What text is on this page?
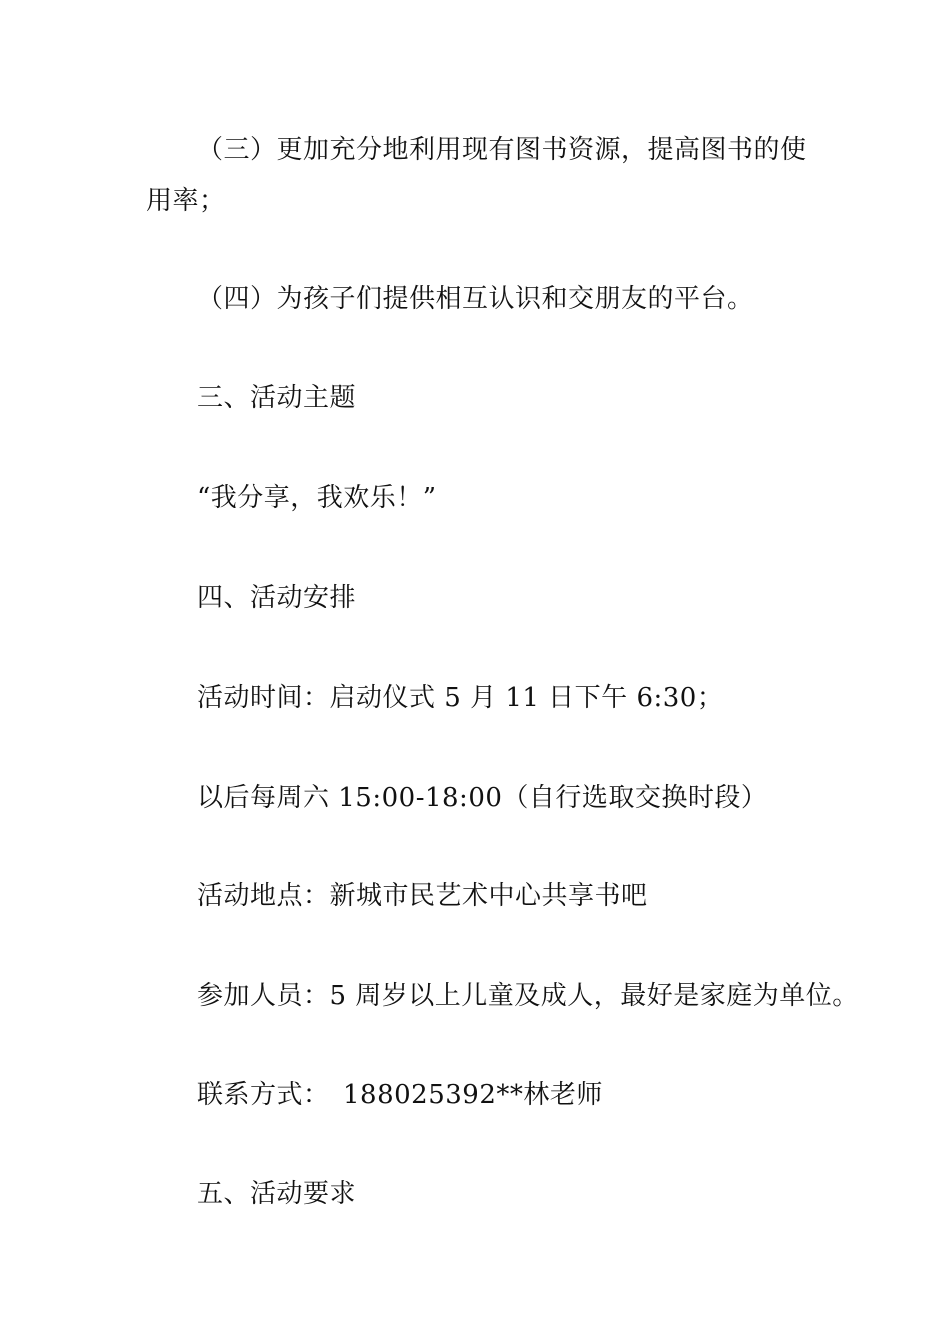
（三）更加充分地利用现有图书资源，提高图书的使
用率；
（四）为孩子们提供相互认识和交朋友的平台。
三、活动主题
“我分享，我欢乐！”
四、活动安排
活动时间：启动仪式 5 月 11 日下午 6:30；
以后每周六 15:00-18:00（自行选取交换时段）
活动地点：新城市民艺术中心共享书吧
参加人员：5 周岁以上儿童及成人，最好是家庭为单位。
联系方式：　188025392**林老师
五、活动要求
